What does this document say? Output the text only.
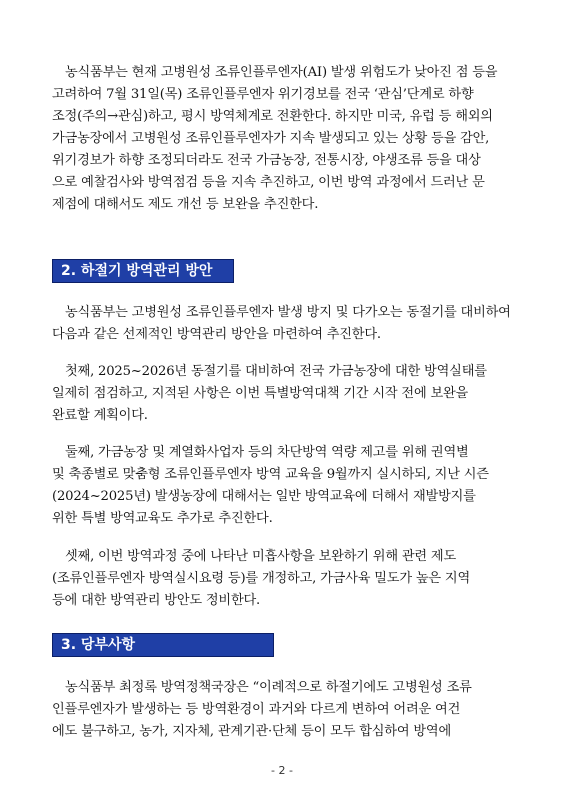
　농식품부는 현재 고병원성 조류인플루엔자(AI) 발생 위험도가 낮아진 점 등을
고려하여 7월 31일(목) 조류인플루엔자 위기경보를 전국 ‘관심’단계로 하향
조정(주의→관심)하고, 평시 방역체계로 전환한다. 하지만 미국, 유럽 등 해외의
가금농장에서 고병원성 조류인플루엔자가 지속 발생되고 있는 상황 등을 감안,
위기경보가 하향 조정되더라도 전국 가금농장, 전통시장, 야생조류 등을 대상
으로 예찰검사와 방역점검 등을 지속 추진하고, 이번 방역 과정에서 드러난 문
제점에 대해서도 제도 개선 등 보완을 추진한다.
2. 하절기 방역관리 방안
　농식품부는 고병원성 조류인플루엔자 발생 방지 및 다가오는 동절기를 대비하여
다음과 같은 선제적인 방역관리 방안을 마련하여 추진한다.
　첫째, 2025~2026년 동절기를 대비하여 전국 가금농장에 대한 방역실태를
일제히 점검하고, 지적된 사항은 이번 특별방역대책 기간 시작 전에 보완을
완료할 계획이다.
　둘째, 가금농장 및 계열화사업자 등의 차단방역 역량 제고를 위해 권역별
및 축종별로 맞춤형 조류인플루엔자 방역 교육을 9월까지 실시하되, 지난 시즌
(2024~2025년) 발생농장에 대해서는 일반 방역교육에 더해서 재발방지를
위한 특별 방역교육도 추가로 추진한다.
　셋째, 이번 방역과정 중에 나타난 미흡사항을 보완하기 위해 관련 제도
(조류인플루엔자 방역실시요령 등)를 개정하고, 가금사육 밀도가 높은 지역
등에 대한 방역관리 방안도 정비한다.
3. 당부사항
　농식품부 최정록 방역정책국장은 “이례적으로 하절기에도 고병원성 조류
인플루엔자가 발생하는 등 방역환경이 과거와 다르게 변하여 어려운 여건
에도 불구하고, 농가, 지자체, 관계기관·단체 등이 모두 합심하여 방역에
- 2 -
